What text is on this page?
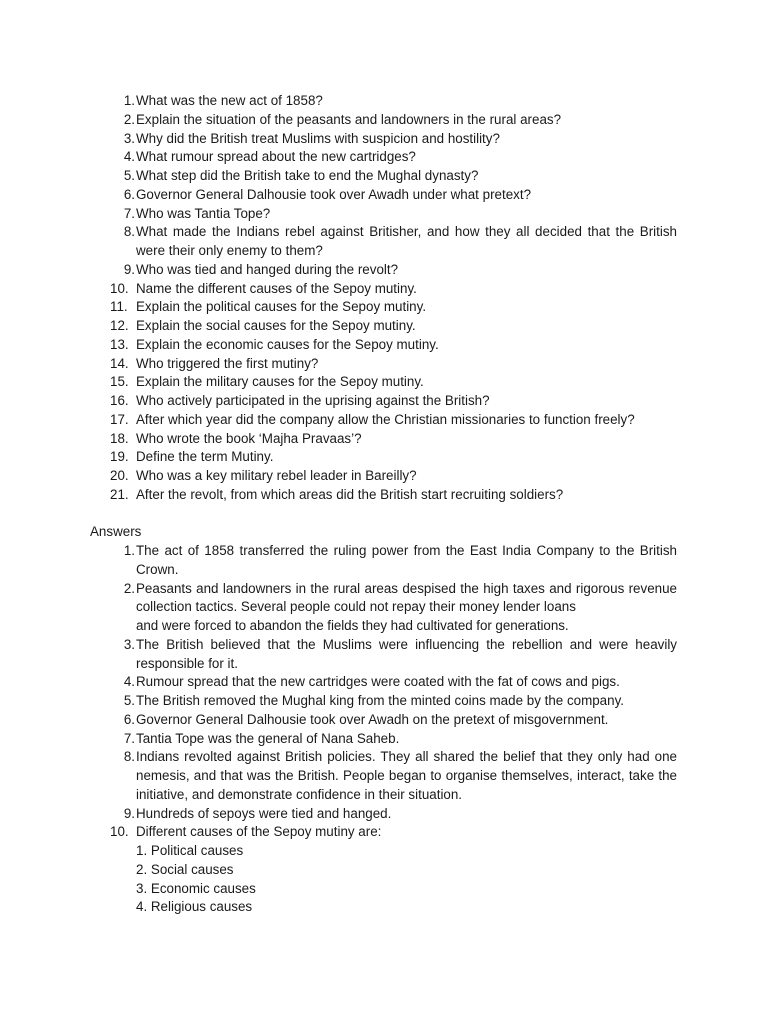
1. What was the new act of 1858?
2. Explain the situation of the peasants and landowners in the rural areas?
3. Why did the British treat Muslims with suspicion and hostility?
4. What rumour spread about the new cartridges?
5. What step did the British take to end the Mughal dynasty?
6. Governor General Dalhousie took over Awadh under what pretext?
7. Who was Tantia Tope?
8. What made the Indians rebel against Britisher, and how they all decided that the British were their only enemy to them?
9. Who was tied and hanged during the revolt?
10. Name the different causes of the Sepoy mutiny.
11. Explain the political causes for the Sepoy mutiny.
12. Explain the social causes for the Sepoy mutiny.
13. Explain the economic causes for the Sepoy mutiny.
14. Who triggered the first mutiny?
15. Explain the military causes for the Sepoy mutiny.
16. Who actively participated in the uprising against the British?
17. After which year did the company allow the Christian missionaries to function freely?
18. Who wrote the book ‘Majha Pravaas’?
19. Define the term Mutiny.
20. Who was a key military rebel leader in Bareilly?
21. After the revolt, from which areas did the British start recruiting soldiers?
Answers
1. The act of 1858 transferred the ruling power from the East India Company to the British Crown.
2. Peasants and landowners in the rural areas despised the high taxes and rigorous revenue collection tactics. Several people could not repay their money lender loans
and were forced to abandon the fields they had cultivated for generations.
3. The British believed that the Muslims were influencing the rebellion and were heavily responsible for it.
4. Rumour spread that the new cartridges were coated with the fat of cows and pigs.
5. The British removed the Mughal king from the minted coins made by the company.
6. Governor General Dalhousie took over Awadh on the pretext of misgovernment.
7. Tantia Tope was the general of Nana Saheb.
8. Indians revolted against British policies. They all shared the belief that they only had one nemesis, and that was the British. People began to organise themselves, interact, take the initiative, and demonstrate confidence in their situation.
9. Hundreds of sepoys were tied and hanged.
10. Different causes of the Sepoy mutiny are:
1. Political causes
2. Social causes
3. Economic causes
4. Religious causes
